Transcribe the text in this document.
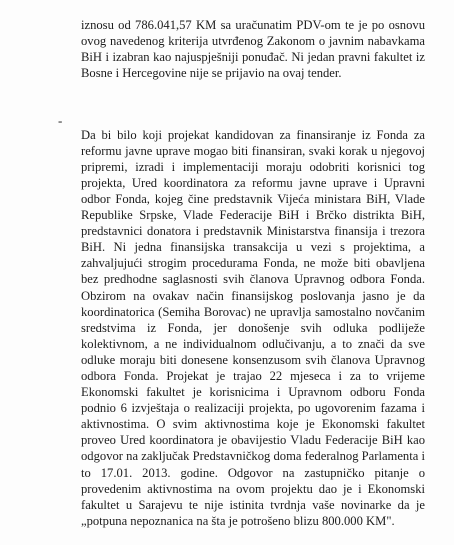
iznosu od 786.041,57 KM sa uračunatim PDV-om te je po osnovu ovog navedenog kriterija utvrđenog Zakonom o javnim nabavkama BiH i izabran kao najuspješniji ponuđač. Ni jedan pravni fakultet iz Bosne i Hercegovine nije se prijavio na ovaj tender.

-

Da bi bilo koji projekat kandidovan za finansiranje iz Fonda za reformu javne uprave mogao biti finansiran, svaki korak u njegovoj pripremi, izradi i implementaciji moraju odobriti korisnici tog projekta, Ured koordinatora za reformu javne uprave i Upravni odbor Fonda, kojeg čine predstavnik Vijeća ministara BiH, Vlade Republike Srpske, Vlade Federacije BiH i Brčko distrikta BiH, predstavnici donatora i predstavnik Ministarstva finansija i trezora BiH. Ni jedna finansijska transakcija u vezi s projektima, a zahvaljujući strogim procedurama Fonda, ne može biti obavljena bez predhodne saglasnosti svih članova Upravnog odbora Fonda. Obzirom na ovakav način finansijskog poslovanja jasno je da koordinatorica (Semiha Borovac) ne upravlja samostalno novčanim sredstvima iz Fonda, jer donošenje svih odluka podliježe kolektivnom, a ne individualnom odlučivanju, a to znači da sve odluke moraju biti donesene konsenzusom svih članova Upravnog odbora Fonda. Projekat je trajao 22 mjeseca i za to vrijeme Ekonomski fakultet je korisnicima i Upravnom odboru Fonda podnio 6 izvještaja o realizaciji projekta, po ugovorenim fazama i aktivnostima. O svim aktivnostima koje je Ekonomski fakultet proveo Ured koordinatora je obavijestio Vladu Federacije BiH kao odgovor na zaključak Predstavničkog doma federalnog Parlamenta i to 17.01. 2013. godine. Odgovor na zastupničko pitanje o provedenim aktivnostima na ovom projektu dao je i Ekonomski fakultet u Sarajevu te nije istinita tvrdnja vaše novinarke da je „potpuna nepoznanica na šta je potrošeno blizu 800.000 KM".
